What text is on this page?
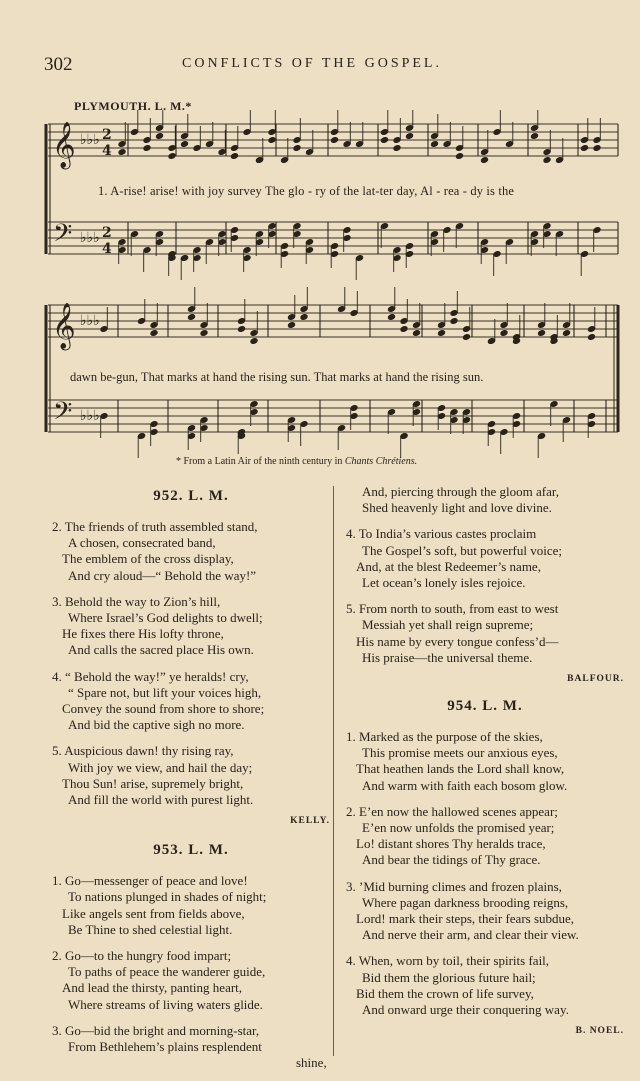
302	CONFLICTS OF THE GOSPEL.
PLYMOUTH. L. M.*
𝄞
𝄞
𝄢
𝄢
♭♭♭ 2
4
♭♭♭ 2
4
♭♭♭
♭♭♭
1. A-rise! arise! with joy survey The glo - ry of the lat-ter day, Al - rea - dy is the
dawn be-gun, That marks at hand the rising sun. That marks at hand the rising sun.
* From a Latin Air of the ninth century in Chants Chrétiens.
952. L. M.
2. The friends of truth assembled stand,
A chosen, consecrated band,
The emblem of the cross display,
And cry aloud—“ Behold the way!”
3. Behold the way to Zion’s hill,
Where Israel’s God delights to dwell;
He fixes there His lofty throne,
And calls the sacred place His own.
4. “ Behold the way!” ye heralds! cry,
“ Spare not, but lift your voices high,
Convey the sound from shore to shore;
And bid the captive sigh no more.
5. Auspicious dawn! thy rising ray,
With joy we view, and hail the day;
Thou Sun! arise, supremely bright,
And fill the world with purest light.
KELLY.
953. L. M.
1. Go—messenger of peace and love!
To nations plunged in shades of night;
Like angels sent from fields above,
Be Thine to shed celestial light.
2. Go—to the hungry food impart;
To paths of peace the wanderer guide,
And lead the thirsty, panting heart,
Where streams of living waters glide.
3. Go—bid the bright and morning-star,
From Bethlehem’s plains resplendent
shine,
And, piercing through the gloom afar,
Shed heavenly light and love divine.
4. To India’s various castes proclaim
The Gospel’s soft, but powerful voice;
And, at the blest Redeemer’s name,
Let ocean’s lonely isles rejoice.
5. From north to south, from east to west
Messiah yet shall reign supreme;
His name by every tongue confess’d—
His praise—the universal theme.
BALFOUR.
954. L. M.
1. Marked as the purpose of the skies,
This promise meets our anxious eyes,
That heathen lands the Lord shall know,
And warm with faith each bosom glow.
2. E’en now the hallowed scenes appear;
E’en now unfolds the promised year;
Lo! distant shores Thy heralds trace,
And bear the tidings of Thy grace.
3. ’Mid burning climes and frozen plains,
Where pagan darkness brooding reigns,
Lord! mark their steps, their fears subdue,
And nerve their arm, and clear their view.
4. When, worn by toil, their spirits fail,
Bid them the glorious future hail;
Bid them the crown of life survey,
And onward urge their conquering way.
B. NOEL.
